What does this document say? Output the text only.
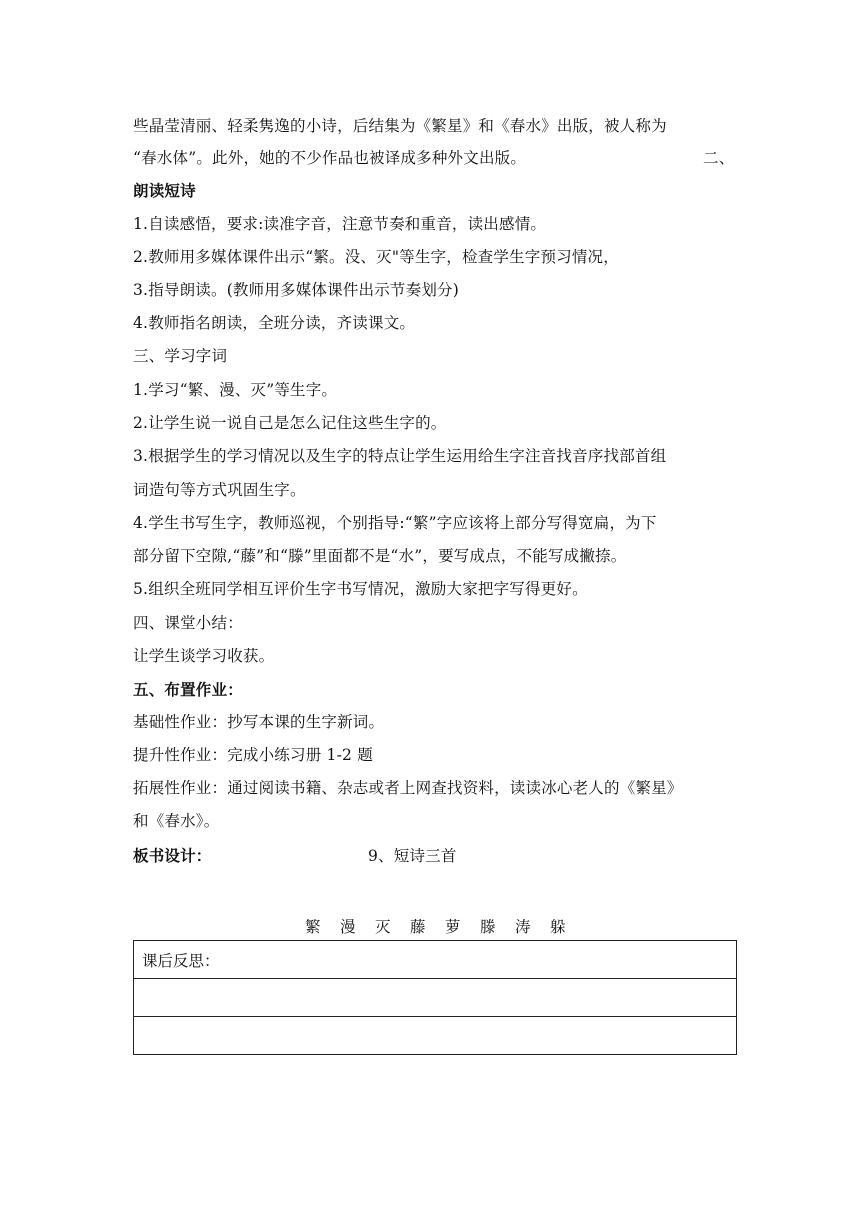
些晶莹清丽、轻柔隽逸的小诗，后结集为《繁星》和《春水》出版，被人称为
“春水体”。此外，她的不少作品也被译成多种外文出版。	二、
朗读短诗
1.自读感悟，要求:读准字音，注意节奏和重音，读出感情。
2.教师用多媒体课件出示“繁。没、灭"等生字，检查学生字预习情况，
3.指导朗读。(教师用多媒体课件出示节奏划分)
4.教师指名朗读，全班分读，齐读课文。
三、学习字词
1.学习“繁、漫、灭”等生字。
2.让学生说一说自己是怎么记住这些生字的。
3.根据学生的学习情况以及生字的特点让学生运用给生字注音找音序找部首组
词造句等方式巩固生字。
4.学生书写生字，教师巡视，个别指导:“繁”字应该将上部分写得宽扁，为下
部分留下空隙,“藤”和“滕”里面都不是“水”，要写成点，不能写成撇捺。
5.组织全班同学相互评价生字书写情况，激励大家把字写得更好。
四、课堂小结：
让学生谈学习收获。
五、布置作业：
基础性作业：抄写本课的生字新词。
提升性作业：完成小练习册 1-2 题
拓展性作业：通过阅读书籍、杂志或者上网查找资料，读读冰心老人的《繁星》
和《春水》。
板书设计：	9、短诗三首
繁 漫 灭 藤 萝 滕 涛 躲
课后反思：
